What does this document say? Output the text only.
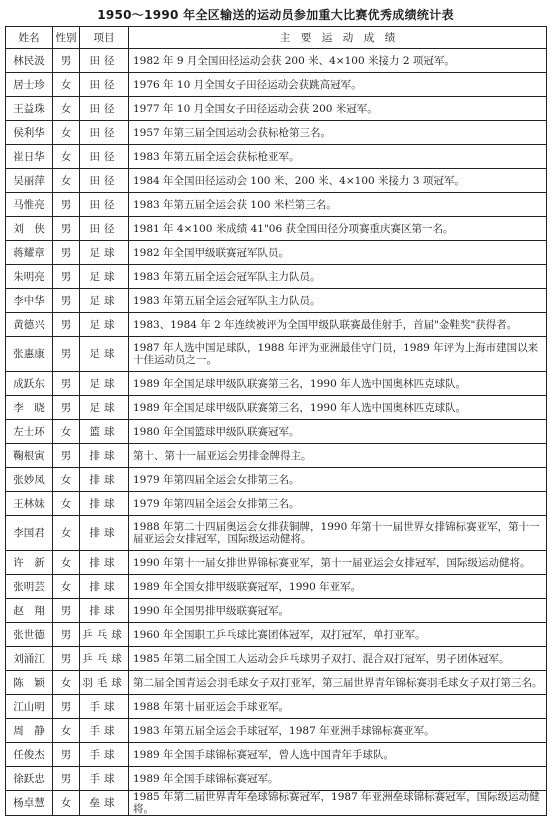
1950～1990 年全区输送的运动员参加重大比赛优秀成绩统计表
姓名	性别	项目	主　要　运　动　成　绩
林民汲	男	田径	1982 年 9 月全国田径运动会获 200 米、4×100 米接力 2 项冠军。
居士珍	女	田径	1976 年 10 月全国女子田径运动会获跳高冠军。
王益珠	女	田径	1977 年 10 月全国女子田径运动会获 200 米冠军。
侯利华	女	田径	1957 年第三届全国运动会获标枪第三名。
崔日华	女	田径	1983 年第五届全运会获标枪亚军。
吴丽萍	女	田径	1984 年全国田径运动会 100 米、200 米、4×100 米接力 3 项冠军。
马惟亮	男	田径	1983 年第五届全运会获 100 米栏第三名。
刘　侠	男	田径	1981 年 4×100 米成绩 41"06 获全国田径分项赛重庆赛区第一名。
蒋耀章	男	足球	1982 年全国甲级联赛冠军队员。
朱明亮	男	足球	1983 年第五届全运会冠军队主力队员。
李中华	男	足球	1983 年第五届全运会冠军队主力队员。
黄德兴	男	足球	1983、1984 年 2 年连续被评为全国甲级队联赛最佳射手，首届"金鞋奖"获得者。
张惠康	男	足球	1987 年人选中国足球队，1988 年评为亚洲最佳守门员，1989 年评为上海市建国以来十佳运动员之一。
成跃东	男	足球	1989 年全国足球甲级队联赛第三名，1990 年人选中国奥林匹克球队。
李　晓	男	足球	1989 年全国足球甲级队联赛第三名，1990 年人选中国奥林匹克球队。
左士环	女	篮球	1980 年全国篮球甲级队联赛冠军。
鞠根寅	男	排球	第十、第十一届亚运会男排金牌得主。
张妙凤	女	排球	1979 年第四届全运会女排第三名。
王林妹	女	排球	1979 年第四届全运会女排第三名。
李国君	女	排球	1988 年第二十四届奥运会女排获铜牌，1990 年第十一届世界女排锦标赛亚军，第十一届亚运会女排冠军，国际级运动健将。
许　新	女	排球	1990 年第十一届女排世界锦标赛亚军，第十一届亚运会女排冠军，国际级运动健将。
张明芸	女	排球	1989 年全国女排甲级联赛冠军，1990 年亚军。
赵　翔	男	排球	1990 年全国男排甲级联赛冠军。
张世德	男	乒乓球	1960 年全国职工乒乓球比赛团体冠军，双打冠军，单打亚军。
刘涌江	男	乒乓球	1985 年第二届全国工人运动会乒乓球男子双打、混合双打冠军，男子团体冠军。
陈　颖	女	羽毛球	第二届全国青运会羽毛球女子双打亚军，第三届世界青年锦标赛羽毛球女子双打第三名。
江山明	男	手球	1988 年第十届亚运会手球亚军。
周　静	女	手球	1983 年第五届全运会手球冠军，1987 年亚洲手球锦标赛亚军。
任俊杰	男	手球	1989 年全国手球锦标赛冠军，曾人选中国青年手球队。
徐跃忠	男	手球	1989 年全国手球锦标赛冠军。
杨卓慧	女	垒球	1985 年第二届世界青年垒球锦标赛冠军，1987 年亚洲垒球锦标赛冠军，国际级运动健将。
